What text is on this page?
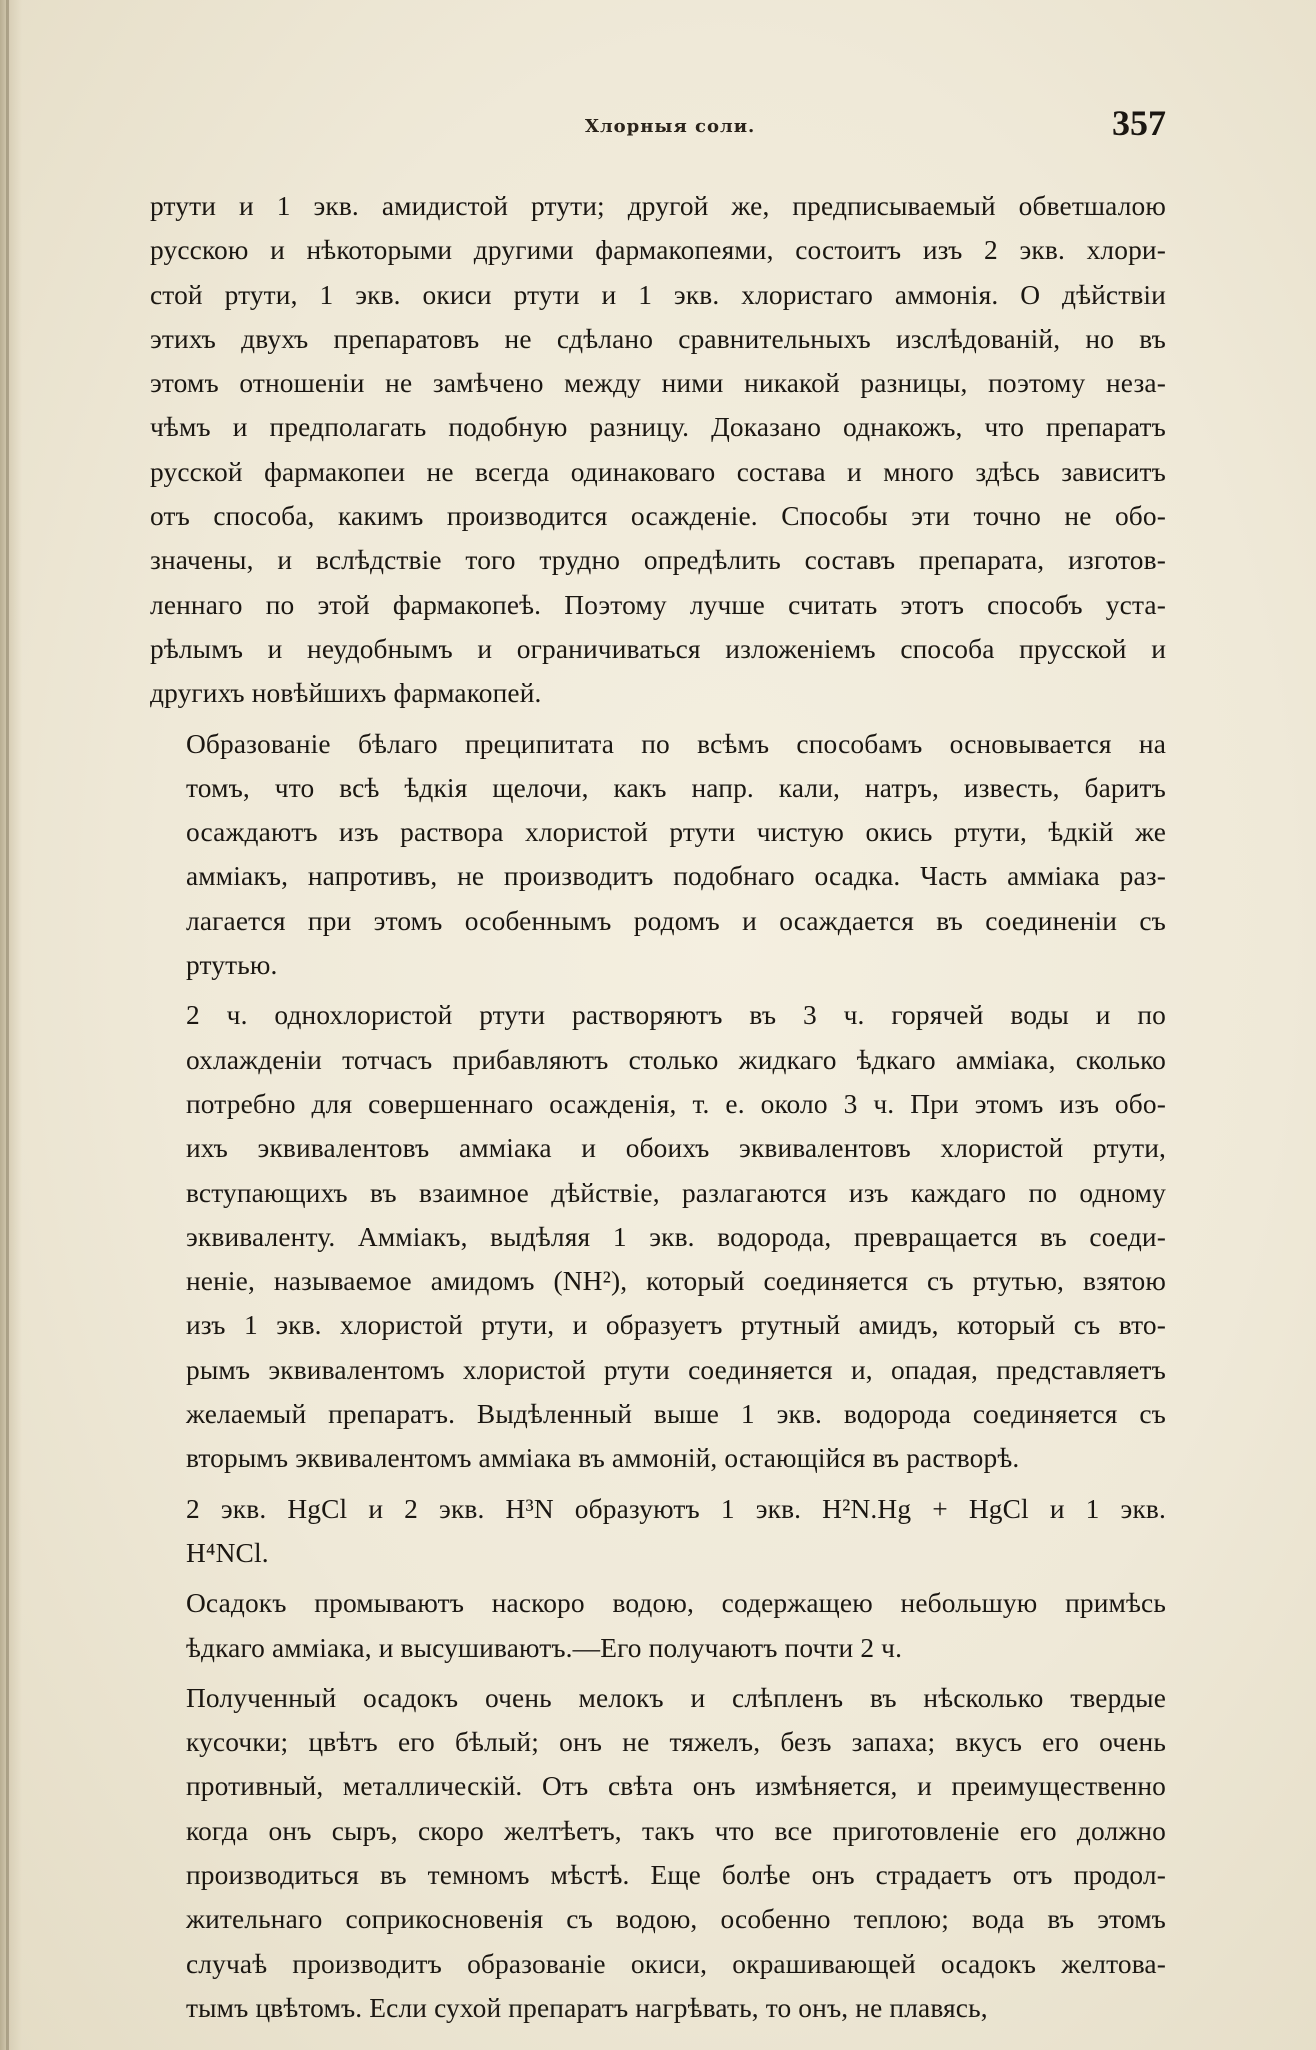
Хлорныя соли.	357

ртути и 1 экв. амидистой ртути; другой же, предписываемый обветшалою
русскою и нѣкоторыми другими фармакопеями, состоитъ изъ 2 экв. хлори-
стой ртути, 1 экв. окиси ртути и 1 экв. хлористаго аммонія. О дѣйствіи
этихъ двухъ препаратовъ не сдѣлано сравнительныхъ изслѣдованій, но въ
этомъ отношеніи не замѣчено между ними никакой разницы, поэтому неза-
чѣмъ и предполагать подобную разницу. Доказано однакожъ, что препаратъ
русской фармакопеи не всегда одинаковаго состава и много здѣсь зависитъ
отъ способа, какимъ производится осажденіе. Способы эти точно не обо-
значены, и вслѣдствіе того трудно опредѣлить составъ препарата, изготов-
леннаго по этой фармакопеѣ. Поэтому лучше считать этотъ способъ уста-
рѣлымъ и неудобнымъ и ограничиваться изложеніемъ способа прусской и
другихъ новѣйшихъ фармакопей.

Образованіе бѣлаго преципитата по всѣмъ способамъ основывается на
томъ, что всѣ ѣдкія щелочи, какъ напр. кали, натръ, известь, баритъ
осаждаютъ изъ раствора хлористой ртути чистую окись ртути, ѣдкій же
амміакъ, напротивъ, не производитъ подобнаго осадка. Часть амміака раз-
лагается при этомъ особеннымъ родомъ и осаждается въ соединеніи съ
ртутью.

2 ч. однохлористой ртути растворяютъ въ 3 ч. горячей воды и по
охлажденіи тотчасъ прибавляютъ столько жидкаго ѣдкаго амміака, сколько
потребно для совершеннаго осажденія, т. е. около 3 ч. При этомъ изъ обо-
ихъ эквивалентовъ амміака и обоихъ эквивалентовъ хлористой ртути,
вступающихъ въ взаимное дѣйствіе, разлагаются изъ каждаго по одному
эквиваленту. Амміакъ, выдѣляя 1 экв. водорода, превращается въ соеди-
неніе, называемое амидомъ (NH²), который соединяется съ ртутью, взятою
изъ 1 экв. хлористой ртути, и образуетъ ртутный амидъ, который съ вто-
рымъ эквивалентомъ хлористой ртути соединяется и, опадая, представляетъ
желаемый препаратъ. Выдѣленный выше 1 экв. водорода соединяется съ
вторымъ эквивалентомъ амміака въ аммоній, остающійся въ растворѣ.

2 экв. HgCl и 2 экв. H³N образуютъ 1 экв. H²N.Hg + HgCl и 1 экв.
H⁴NCl.

Осадокъ промываютъ наскоро водою, содержащею небольшую примѣсь
ѣдкаго амміака, и высушиваютъ.—Его получаютъ почти 2 ч.

Полученный осадокъ очень мелокъ и слѣпленъ въ нѣсколько твердые
кусочки; цвѣтъ его бѣлый; онъ не тяжелъ, безъ запаха; вкусъ его очень
противный, металлическій. Отъ свѣта онъ измѣняется, и преимущественно
когда онъ сыръ, скоро желтѣетъ, такъ что все приготовленіе его должно
производиться въ темномъ мѣстѣ. Еще болѣе онъ страдаетъ отъ продол-
жительнаго соприкосновенія съ водою, особенно теплою; вода въ этомъ
случаѣ производитъ образованіе окиси, окрашивающей осадокъ желтова-
тымъ цвѣтомъ. Если сухой препаратъ нагрѣвать, то онъ, не плавясь,
